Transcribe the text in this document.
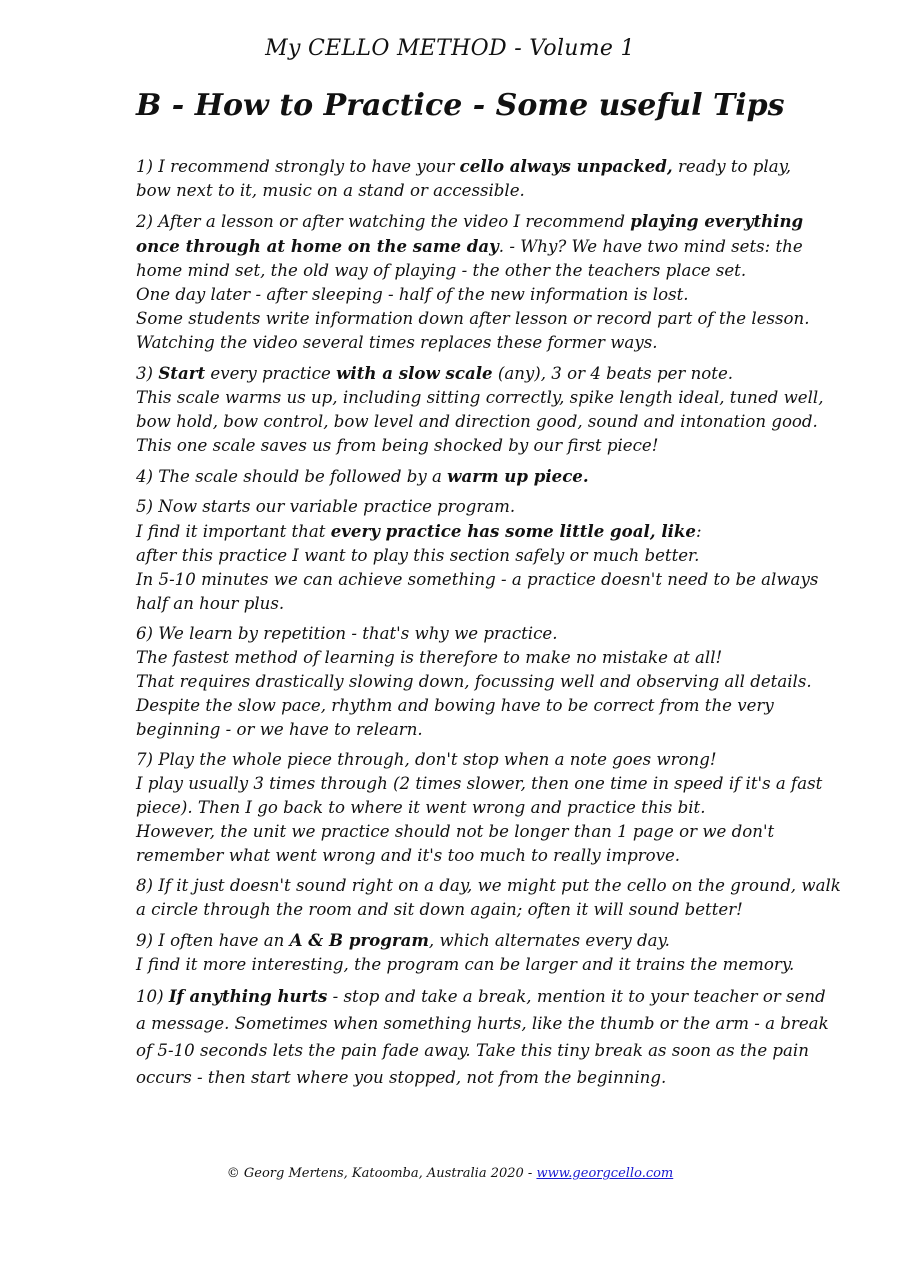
My CELLO METHOD - Volume 1
B - How to Practice - Some useful Tips

1) I recommend strongly to have your cello always unpacked, ready to play,
bow next to it, music on a stand or accessible.

2) After a lesson or after watching the video I recommend playing everything
once through at home on the same day. - Why? We have two mind sets: the
home mind set, the old way of playing - the other the teachers place set.
One day later - after sleeping - half of the new information is lost.
Some students write information down after lesson or record part of the lesson.
Watching the video several times replaces these former ways.

3) Start every practice with a slow scale (any), 3 or 4 beats per note.
This scale warms us up, including sitting correctly, spike length ideal, tuned well,
bow hold, bow control, bow level and direction good, sound and intonation good.
This one scale saves us from being shocked by our first piece!

4) The scale should be followed by a warm up piece.

5) Now starts our variable practice program.
I find it important that every practice has some little goal, like:
after this practice I want to play this section safely or much better.
In 5-10 minutes we can achieve something - a practice doesn't need to be always
half an hour plus.

6) We learn by repetition - that's why we practice.
The fastest method of learning is therefore to make no mistake at all!
That requires drastically slowing down, focussing well and observing all details.
Despite the slow pace, rhythm and bowing have to be correct from the very
beginning - or we have to relearn.

7) Play the whole piece through, don't stop when a note goes wrong!
I play usually 3 times through (2 times slower, then one time in speed if it's a fast
piece). Then I go back to where it went wrong and practice this bit.
However, the unit we practice should not be longer than 1 page or we don't
remember what went wrong and it's too much to really improve.

8) If it just doesn't sound right on a day, we might put the cello on the ground, walk
a circle through the room and sit down again; often it will sound better!

9) I often have an A & B program, which alternates every day.
I find it more interesting, the program can be larger and it trains the memory.

10) If anything hurts - stop and take a break, mention it to your teacher or send
a message. Sometimes when something hurts, like the thumb or the arm - a break
of 5-10 seconds lets the pain fade away. Take this tiny break as soon as the pain
occurs - then start where you stopped, not from the beginning.

© Georg Mertens, Katoomba, Australia 2020 - www.georgcello.com
